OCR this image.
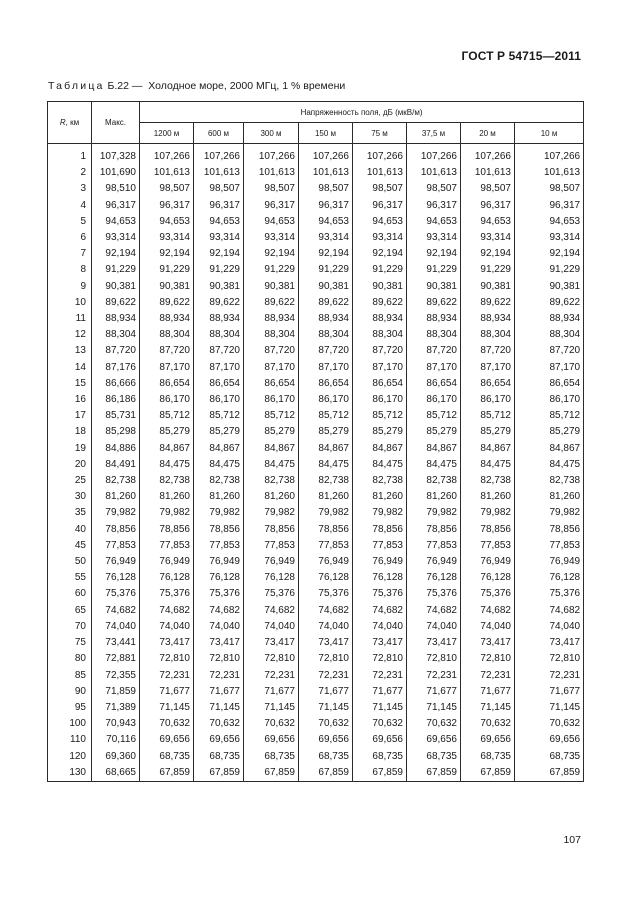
ГОСТ Р 54715—2011
Таблица Б.22 — Холодное море, 2000 МГц, 1 % времени
R, км	Макс.	Напряженность поля, дБ (мкВ/м)							
		1200 м	600 м	300 м	150 м	75 м	37,5 м	20 м	10 м

1	107,328	107,266	107,266	107,266	107,266	107,266	107,266	107,266	107,266
2	101,690	101,613	101,613	101,613	101,613	101,613	101,613	101,613	101,613
3	98,510	98,507	98,507	98,507	98,507	98,507	98,507	98,507	98,507
4	96,317	96,317	96,317	96,317	96,317	96,317	96,317	96,317	96,317
5	94,653	94,653	94,653	94,653	94,653	94,653	94,653	94,653	94,653
6	93,314	93,314	93,314	93,314	93,314	93,314	93,314	93,314	93,314
7	92,194	92,194	92,194	92,194	92,194	92,194	92,194	92,194	92,194
8	91,229	91,229	91,229	91,229	91,229	91,229	91,229	91,229	91,229
9	90,381	90,381	90,381	90,381	90,381	90,381	90,381	90,381	90,381
10	89,622	89,622	89,622	89,622	89,622	89,622	89,622	89,622	89,622
11	88,934	88,934	88,934	88,934	88,934	88,934	88,934	88,934	88,934
12	88,304	88,304	88,304	88,304	88,304	88,304	88,304	88,304	88,304
13	87,720	87,720	87,720	87,720	87,720	87,720	87,720	87,720	87,720
14	87,176	87,170	87,170	87,170	87,170	87,170	87,170	87,170	87,170
15	86,666	86,654	86,654	86,654	86,654	86,654	86,654	86,654	86,654
16	86,186	86,170	86,170	86,170	86,170	86,170	86,170	86,170	86,170
17	85,731	85,712	85,712	85,712	85,712	85,712	85,712	85,712	85,712
18	85,298	85,279	85,279	85,279	85,279	85,279	85,279	85,279	85,279
19	84,886	84,867	84,867	84,867	84,867	84,867	84,867	84,867	84,867
20	84,491	84,475	84,475	84,475	84,475	84,475	84,475	84,475	84,475
25	82,738	82,738	82,738	82,738	82,738	82,738	82,738	82,738	82,738
30	81,260	81,260	81,260	81,260	81,260	81,260	81,260	81,260	81,260
35	79,982	79,982	79,982	79,982	79,982	79,982	79,982	79,982	79,982
40	78,856	78,856	78,856	78,856	78,856	78,856	78,856	78,856	78,856
45	77,853	77,853	77,853	77,853	77,853	77,853	77,853	77,853	77,853
50	76,949	76,949	76,949	76,949	76,949	76,949	76,949	76,949	76,949
55	76,128	76,128	76,128	76,128	76,128	76,128	76,128	76,128	76,128
60	75,376	75,376	75,376	75,376	75,376	75,376	75,376	75,376	75,376
65	74,682	74,682	74,682	74,682	74,682	74,682	74,682	74,682	74,682
70	74,040	74,040	74,040	74,040	74,040	74,040	74,040	74,040	74,040
75	73,441	73,417	73,417	73,417	73,417	73,417	73,417	73,417	73,417
80	72,881	72,810	72,810	72,810	72,810	72,810	72,810	72,810	72,810
85	72,355	72,231	72,231	72,231	72,231	72,231	72,231	72,231	72,231
90	71,859	71,677	71,677	71,677	71,677	71,677	71,677	71,677	71,677
95	71,389	71,145	71,145	71,145	71,145	71,145	71,145	71,145	71,145
100	70,943	70,632	70,632	70,632	70,632	70,632	70,632	70,632	70,632
110	70,116	69,656	69,656	69,656	69,656	69,656	69,656	69,656	69,656
120	69,360	68,735	68,735	68,735	68,735	68,735	68,735	68,735	68,735
130	68,665	67,859	67,859	67,859	67,859	67,859	67,859	67,859	67,859
107
